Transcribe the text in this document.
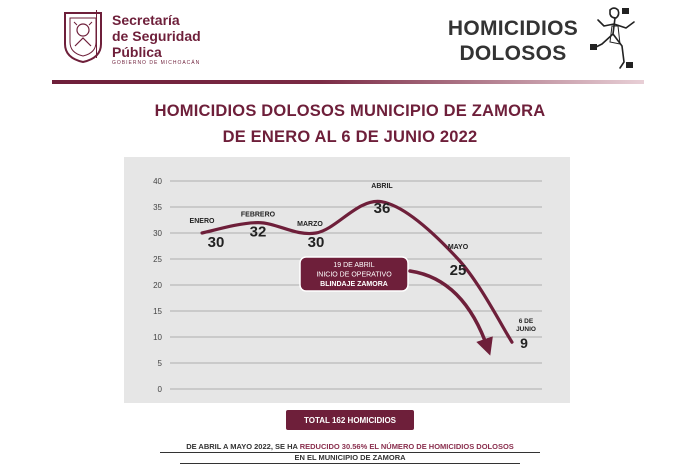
Secretaría
de Seguridad
Pública
GOBIERNO DE MICHOACÁN
HOMICIDIOS
DOLOSOS
HOMICIDIOS DOLOSOS MUNICIPIO DE ZAMORA
DE ENERO AL 6 DE JUNIO 2022
0
5
10
15
20
25
30
35
40
ENERO
30
FEBRERO
32	MARZO
30
ABRIL
36
MAYO
25
6 DE
JUNIO
9
19 DE ABRIL
INICIO DE OPERATIVO
BLINDAJE ZAMORA
TOTAL 162 HOMICIDIOS
DE ABRIL A MAYO 2022, SE HA REDUCIDO 30.56% EL NÚMERO DE HOMICIDIOS DOLOSOS
EN EL MUNICIPIO DE ZAMORA
